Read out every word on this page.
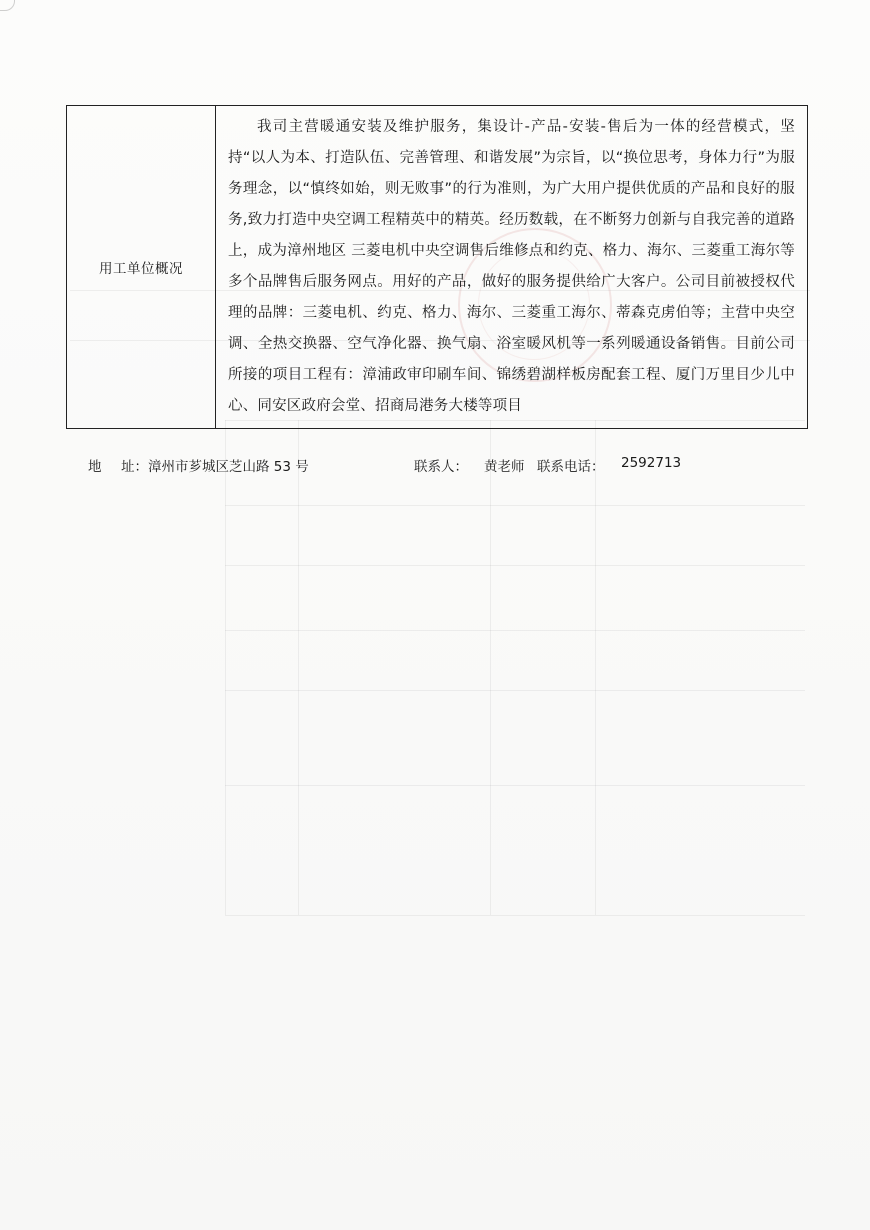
用工单位概况	我司主营暖通安装及维护服务，集设计-产品-安装-售后为一体的经营模式，坚持“以人为本、打造队伍、完善管理、和谐发展”为宗旨，以“换位思考，身体力行”为服务理念，以“慎终如始，则无败事”的行为准则，为广大用户提供优质的产品和良好的服务,致力打造中央空调工程精英中的精英。经历数载，在不断努力创新与自我完善的道路上，成为漳州地区 三菱电机中央空调售后维修点和约克、格力、海尔、三菱重工海尔等多个品牌售后服务网点。用好的产品，做好的服务提供给广大客户。公司目前被授权代理的品牌：三菱电机、约克、格力、海尔、三菱重工海尔、蒂森克虏伯等；主营中央空调、全热交换器、空气净化器、换气扇、浴室暖风机等一系列暖通设备销售。目前公司所接的项目工程有：漳浦政审印刷车间、锦绣碧湖样板房配套工程、厦门万里目少儿中心、同安区政府会堂、招商局港务大楼等项目
地 址： 漳州市芗城区芝山路 53 号	联系人： 黄老师 联系电话： 2592713
